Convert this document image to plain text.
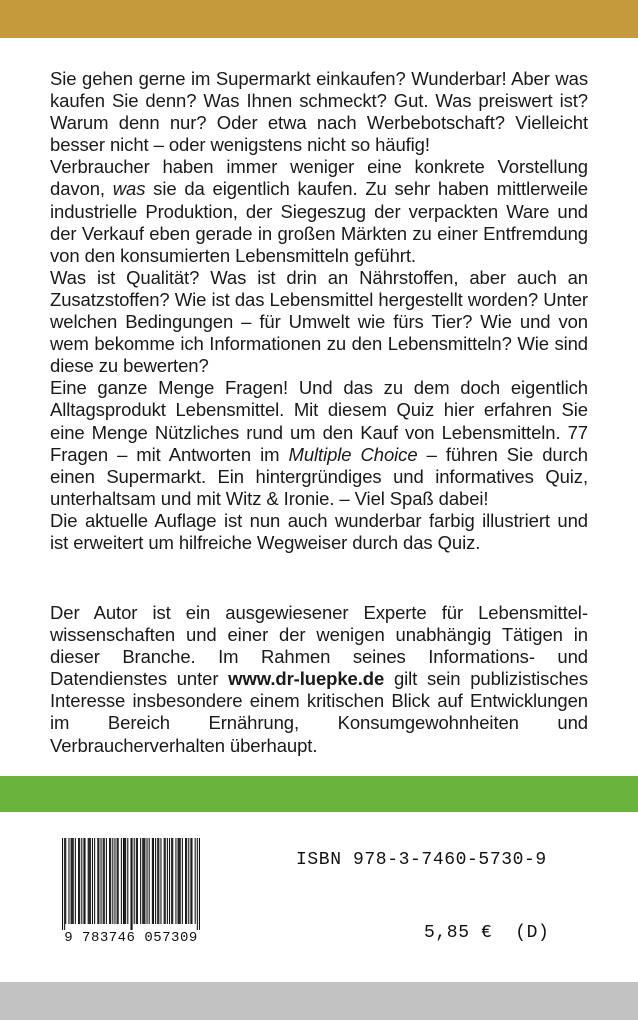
Sie gehen gerne im Supermarkt einkaufen? Wunderbar! Aber was kaufen Sie denn? Was Ihnen schmeckt? Gut. Was preiswert ist? Warum denn nur? Oder etwa nach Werbebotschaft? Vielleicht besser nicht – oder wenigstens nicht so häufig!

Verbraucher haben immer weniger eine konkrete Vorstellung davon, was sie da eigentlich kaufen. Zu sehr haben mittlerweile industrielle Produktion, der Siegeszug der verpackten Ware und der Verkauf eben gerade in großen Märkten zu einer Entfremdung von den konsumierten Lebensmitteln geführt.

Was ist Qualität? Was ist drin an Nährstoffen, aber auch an Zusatzstoffen? Wie ist das Lebensmittel hergestellt worden? Unter welchen Bedingungen – für Umwelt wie fürs Tier? Wie und von wem bekomme ich Informationen zu den Lebensmitteln? Wie sind diese zu bewerten?

Eine ganze Menge Fragen! Und das zu dem doch eigentlich Alltagsprodukt Lebensmittel. Mit diesem Quiz hier erfahren Sie eine Menge Nützliches rund um den Kauf von Lebensmitteln. 77 Fragen – mit Antworten im Multiple Choice – führen Sie durch einen Supermarkt. Ein hintergründiges und informatives Quiz, unterhaltsam und mit Witz & Ironie. – Viel Spaß dabei!

Die aktuelle Auflage ist nun auch wunderbar farbig illustriert und ist erweitert um hilfreiche Wegweiser durch das Quiz.

Der Autor ist ein ausgewiesener Experte für Lebensmittelwissenschaften und einer der wenigen unabhängig Tätigen in dieser Branche. Im Rahmen seines Informations- und Datendienstes unter www.dr-luepke.de gilt sein publizistisches Interesse insbesondere einem kritischen Blick auf Entwicklungen im Bereich Ernährung, Konsumgewohnheiten und Verbraucherverhalten überhaupt.

9 783746 057309
ISBN 978-3-7460-5730-9
5,85 €  (D)
